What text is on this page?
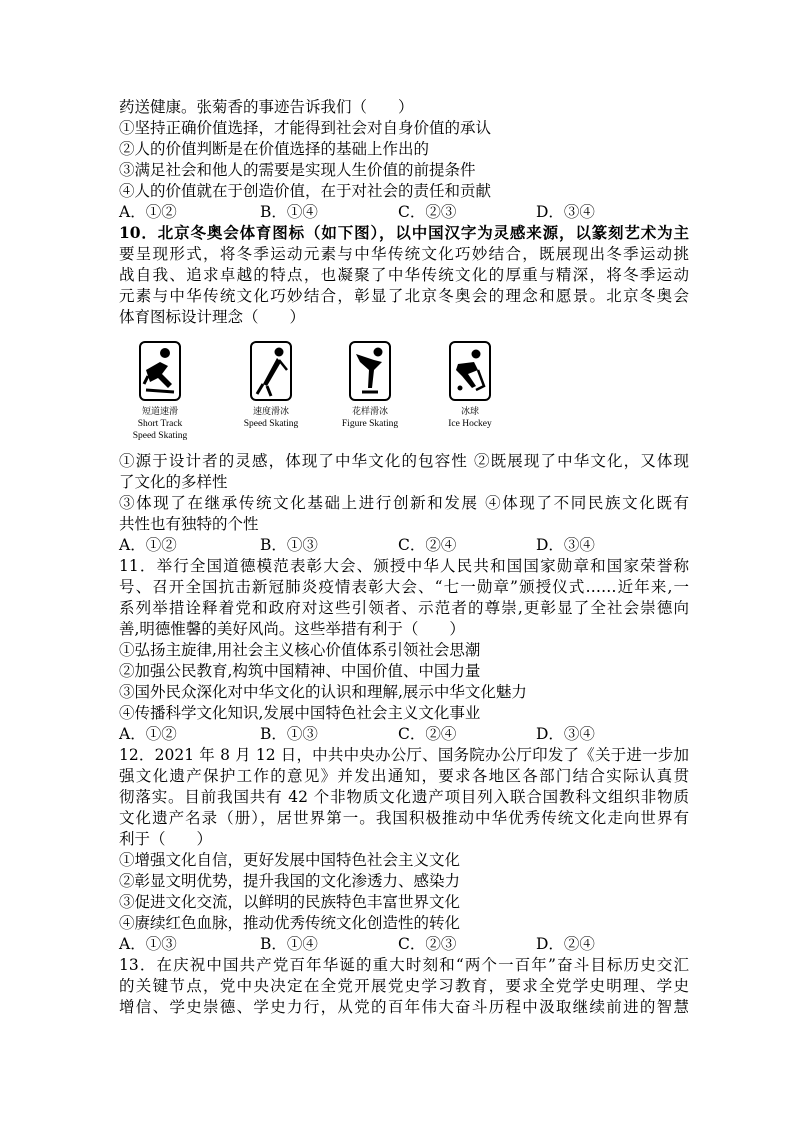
药送健康。张菊香的事迹告诉我们（　　）
①坚持正确价值选择，才能得到社会对自身价值的承认
②人的价值判断是在价值选择的基础上作出的
③满足社会和他人的需要是实现人生价值的前提条件
④人的价值就在于创造价值，在于对社会的责任和贡献
A．①②	B．①④	C．②③	D．③④
10．北京冬奥会体育图标（如下图），以中国汉字为灵感来源，以篆刻艺术为主
要呈现形式，将冬季运动元素与中华传统文化巧妙结合，既展现出冬季运动挑
战自我、追求卓越的特点，也凝聚了中华传统文化的厚重与精深，将冬季运动
元素与中华传统文化巧妙结合，彰显了北京冬奥会的理念和愿景。北京冬奥会
体育图标设计理念（　　）
短道速滑
Short Track
Speed Skating
速度滑冰
Speed Skating
花样滑冰
Figure Skating
冰球
Ice Hockey
①源于设计者的灵感，体现了中华文化的包容性 ②既展现了中华文化，又体现
了文化的多样性
③体现了在继承传统文化基础上进行创新和发展 ④体现了不同民族文化既有
共性也有独特的个性
A．①②	B．①③	C．②④	D．③④
11．举行全国道德模范表彰大会、颁授中华人民共和国国家勋章和国家荣誉称
号、召开全国抗击新冠肺炎疫情表彰大会、“七一勋章”颁授仪式……近年来,一
系列举措诠释着党和政府对这些引领者、示范者的尊崇,更彰显了全社会崇德向
善,明德惟馨的美好风尚。这些举措有利于（　　）
①弘扬主旋律,用社会主义核心价值体系引领社会思潮
②加强公民教育,构筑中国精神、中国价值、中国力量
③国外民众深化对中华文化的认识和理解,展示中华文化魅力
④传播科学文化知识,发展中国特色社会主义文化事业
A．①②	B．①③	C．②④	D．③④
12．2021 年 8 月 12 日，中共中央办公厅、国务院办公厅印发了《关于进一步加
强文化遗产保护工作的意见》并发出通知，要求各地区各部门结合实际认真贯
彻落实。目前我国共有 42 个非物质文化遗产项目列入联合国教科文组织非物质
文化遗产名录（册），居世界第一。我国积极推动中华优秀传统文化走向世界有
利于（　　）
①增强文化自信，更好发展中国特色社会主义文化
②彰显文明优势，提升我国的文化渗透力、感染力
③促进文化交流，以鲜明的民族特色丰富世界文化
④赓续红色血脉，推动优秀传统文化创造性的转化
A．①③	B．①④	C．②③	D．②④
13．在庆祝中国共产党百年华诞的重大时刻和“两个一百年”奋斗目标历史交汇
的关键节点，党中央决定在全党开展党史学习教育，要求全党学史明理、学史
增信、学史崇德、学史力行，从党的百年伟大奋斗历程中汲取继续前进的智慧
